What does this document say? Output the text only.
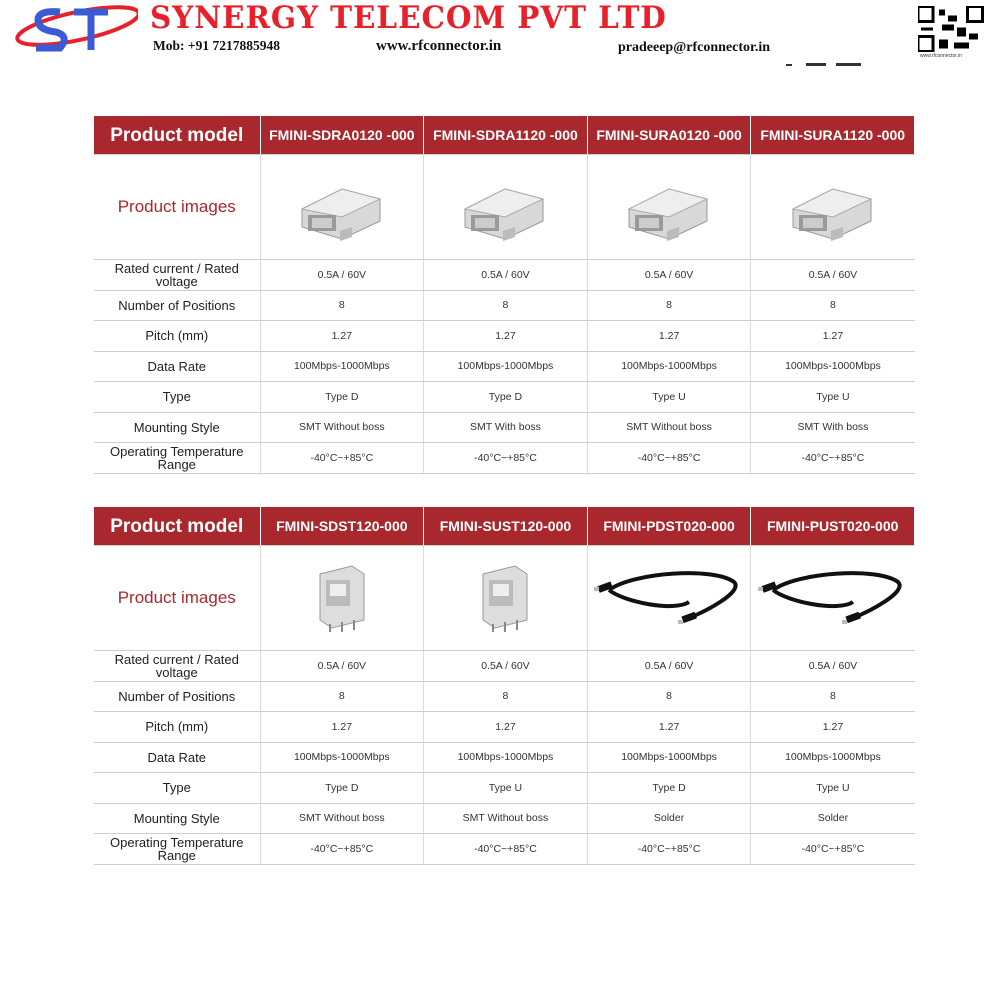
SYNERGY TELECOM PVT LTD
Mob: +91 7217885948	www.rfconnector.in	pradeeep@rfconnector.in
www.rfconnector.in
Product model	FMINI-SDRA0120 -000	FMINI-SDRA1120 -000	FMINI-SURA0120 -000	FMINI-SURA1120 -000
Product images				
Rated current / Rated voltage	0.5A / 60V	0.5A / 60V	0.5A / 60V	0.5A / 60V
Number of Positions	8	8	8	8
Pitch (mm)	1.27	1.27	1.27	1.27
Data Rate	100Mbps-1000Mbps	100Mbps-1000Mbps	100Mbps-1000Mbps	100Mbps-1000Mbps
Type	Type D	Type D	Type U	Type U
Mounting Style	SMT Without boss	SMT With boss	SMT Without boss	SMT With boss
Operating Temperature Range	-40°C~+85°C	-40°C~+85°C	-40°C~+85°C	-40°C~+85°C
Product model	FMINI-SDST120-000	FMINI-SUST120-000	FMINI-PDST020-000	FMINI-PUST020-000
Product images				
Rated current / Rated voltage	0.5A / 60V	0.5A / 60V	0.5A / 60V	0.5A / 60V
Number of Positions	8	8	8	8
Pitch (mm)	1.27	1.27	1.27	1.27
Data Rate	100Mbps-1000Mbps	100Mbps-1000Mbps	100Mbps-1000Mbps	100Mbps-1000Mbps
Type	Type D	Type U	Type D	Type U
Mounting Style	SMT Without boss	SMT Without boss	Solder	Solder
Operating Temperature Range	-40°C~+85°C	-40°C~+85°C	-40°C~+85°C	-40°C~+85°C
